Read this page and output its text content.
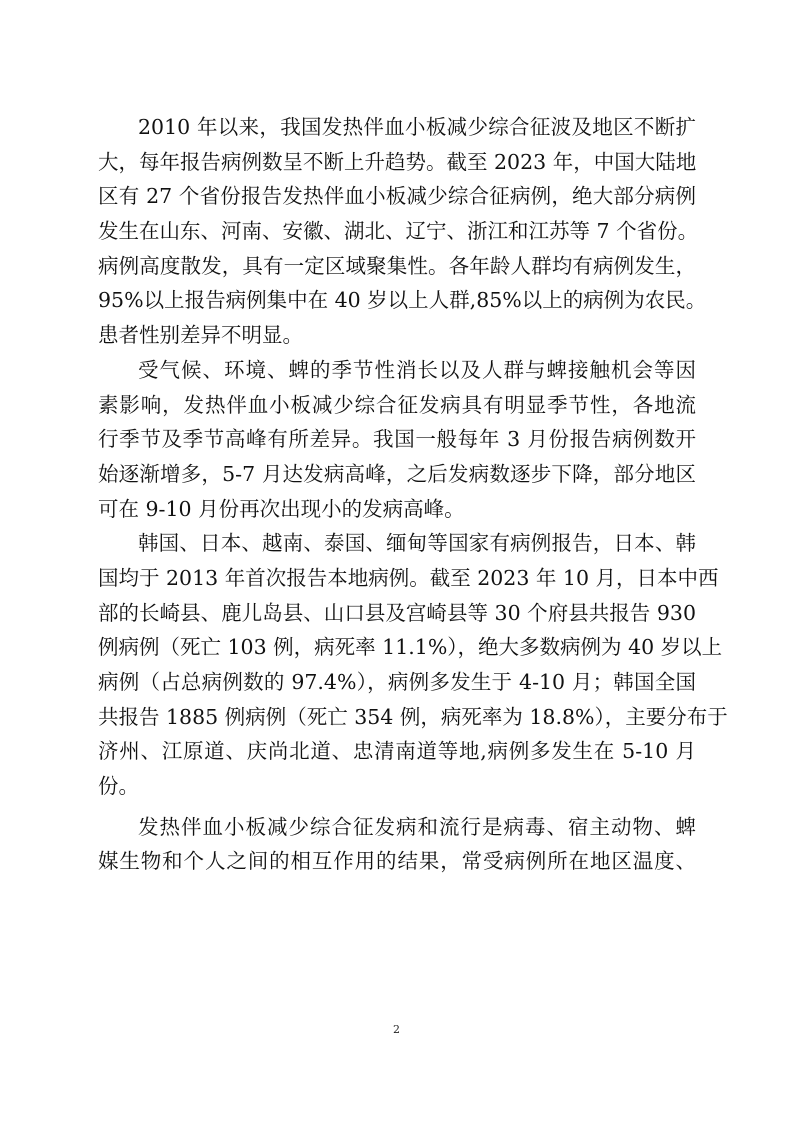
2010 年以来，我国发热伴血小板减少综合征波及地区不断扩
大，每年报告病例数呈不断上升趋势。截至 2023 年，中国大陆地
区有 27 个省份报告发热伴血小板减少综合征病例，绝大部分病例
发生在山东、河南、安徽、湖北、辽宁、浙江和江苏等 7 个省份。
病例高度散发，具有一定区域聚集性。各年龄人群均有病例发生，
95%以上报告病例集中在 40 岁以上人群,85%以上的病例为农民。
患者性别差异不明显。
受气候、环境、蜱的季节性消长以及人群与蜱接触机会等因
素影响，发热伴血小板减少综合征发病具有明显季节性，各地流
行季节及季节高峰有所差异。我国一般每年 3 月份报告病例数开
始逐渐增多，5-7 月达发病高峰，之后发病数逐步下降，部分地区
可在 9-10 月份再次出现小的发病高峰。
韩国、日本、越南、泰国、缅甸等国家有病例报告，日本、韩
国均于 2013 年首次报告本地病例。截至 2023 年 10 月，日本中西
部的长崎县、鹿儿岛县、山口县及宫崎县等 30 个府县共报告 930
例病例（死亡 103 例，病死率 11.1%），绝大多数病例为 40 岁以上
病例（占总病例数的 97.4%），病例多发生于 4-10 月；韩国全国
共报告 1885 例病例（死亡 354 例，病死率为 18.8%），主要分布于
济州、江原道、庆尚北道、忠清南道等地,病例多发生在 5-10 月
份。
发热伴血小板减少综合征发病和流行是病毒、宿主动物、蜱
媒生物和个人之间的相互作用的结果，常受病例所在地区温度、
2
